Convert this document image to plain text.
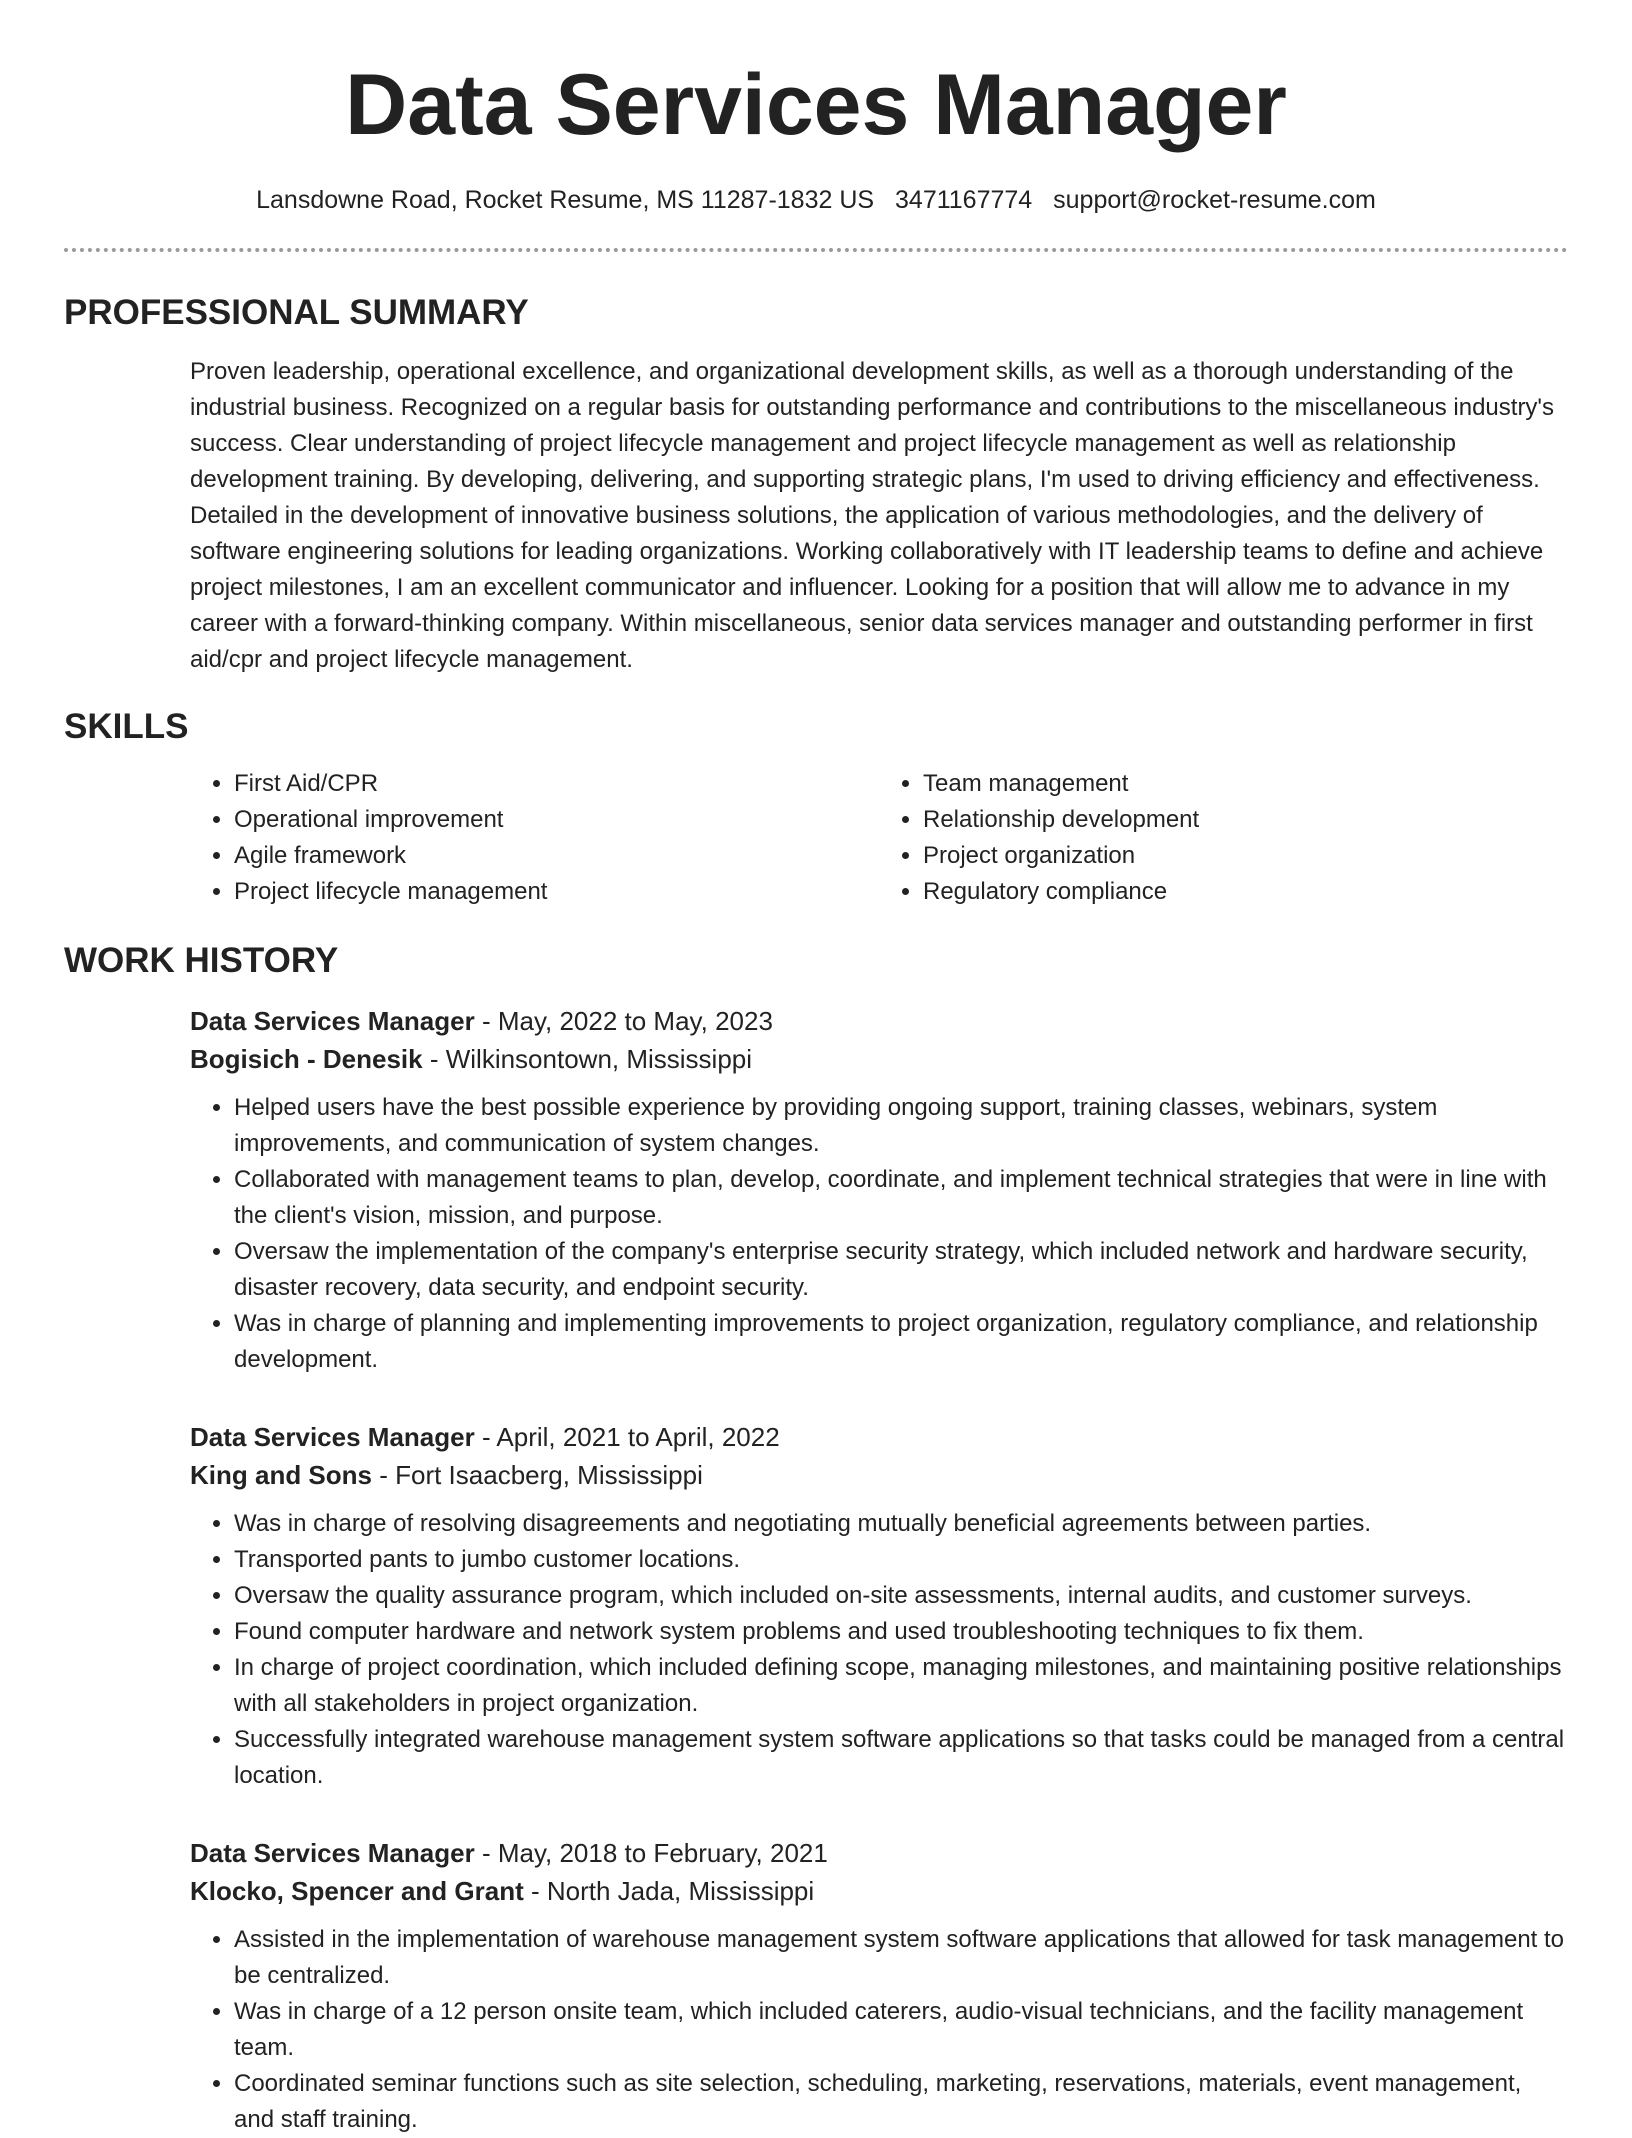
Data Services Manager
Lansdowne Road, Rocket Resume, MS 11287-1832 US 3471167774 support@rocket-resume.com
PROFESSIONAL SUMMARY

Proven leadership, operational excellence, and organizational development skills, as well as a thorough understanding of the industrial business. Recognized on a regular basis for outstanding performance and contributions to the miscellaneous industry's success. Clear understanding of project lifecycle management and project lifecycle management as well as relationship development training. By developing, delivering, and supporting strategic plans, I'm used to driving efficiency and effectiveness. Detailed in the development of innovative business solutions, the application of various methodologies, and the delivery of software engineering solutions for leading organizations. Working collaboratively with IT leadership teams to define and achieve project milestones, I am an excellent communicator and influencer. Looking for a position that will allow me to advance in my career with a forward-thinking company. Within miscellaneous, senior data services manager and outstanding performer in first aid/cpr and project lifecycle management.

SKILLS
• First Aid/CPR
• Operational improvement
• Agile framework
• Project lifecycle management
• Team management
• Relationship development
• Project organization
• Regulatory compliance
WORK HISTORY
Data Services Manager - May, 2022 to May, 2023
Bogisich - Denesik - Wilkinsontown, Mississippi
• Helped users have the best possible experience by providing ongoing support, training classes, webinars, system improvements, and communication of system changes.
• Collaborated with management teams to plan, develop, coordinate, and implement technical strategies that were in line with the client's vision, mission, and purpose.
• Oversaw the implementation of the company's enterprise security strategy, which included network and hardware security, disaster recovery, data security, and endpoint security.
• Was in charge of planning and implementing improvements to project organization, regulatory compliance, and relationship development.
Data Services Manager - April, 2021 to April, 2022
King and Sons - Fort Isaacberg, Mississippi
• Was in charge of resolving disagreements and negotiating mutually beneficial agreements between parties.
• Transported pants to jumbo customer locations.
• Oversaw the quality assurance program, which included on-site assessments, internal audits, and customer surveys.
• Found computer hardware and network system problems and used troubleshooting techniques to fix them.
• In charge of project coordination, which included defining scope, managing milestones, and maintaining positive relationships with all stakeholders in project organization.
• Successfully integrated warehouse management system software applications so that tasks could be managed from a central location.
Data Services Manager - May, 2018 to February, 2021
Klocko, Spencer and Grant - North Jada, Mississippi
• Assisted in the implementation of warehouse management system software applications that allowed for task management to be centralized.
• Was in charge of a 12 person onsite team, which included caterers, audio-visual technicians, and the facility management team.
• Coordinated seminar functions such as site selection, scheduling, marketing, reservations, materials, event management, and staff training.
